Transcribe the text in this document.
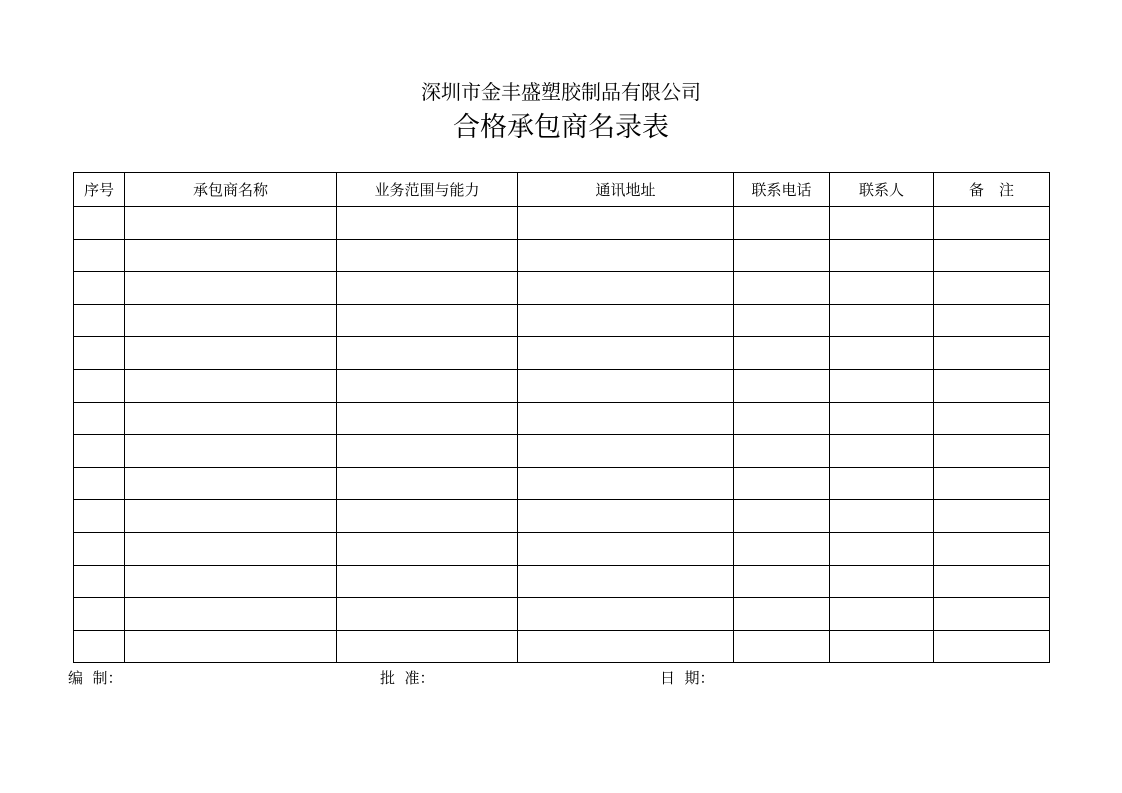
深圳市金丰盛塑胶制品有限公司
合格承包商名录表
序号	承包商名称	业务范围与能力	通讯地址	联系电话	联系人	备　注

编  制：	批  准：	日  期：
